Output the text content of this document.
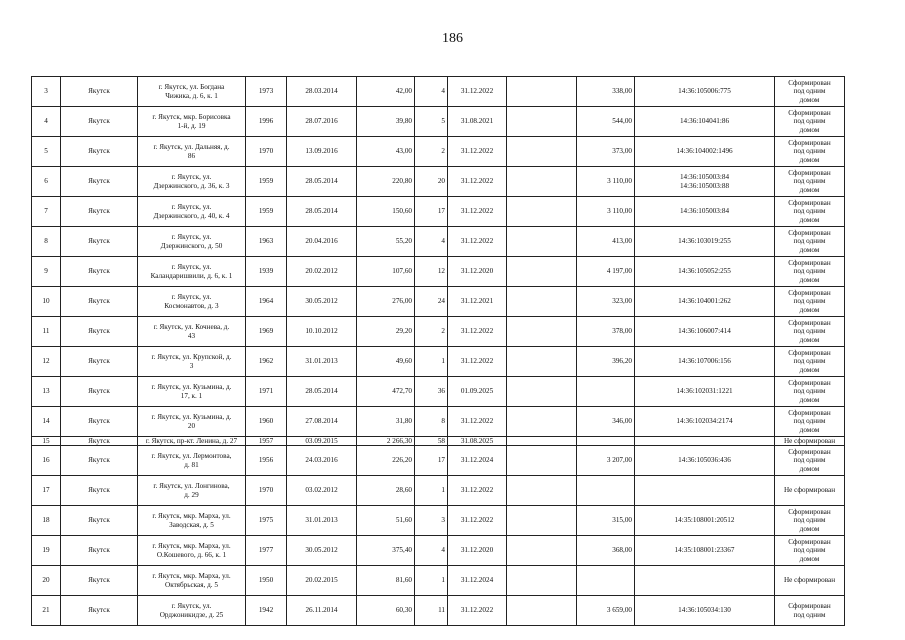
186
3	Якутск	г. Якутск, ул. Богдана
Чижика, д. 6, к. 1	1973	28.03.2014	42,00	4	31.12.2022		338,00	14:36:105006:775	Сформирован
под одним
домом
4	Якутск	г. Якутск, мкр. Борисовка
1-й, д. 19	1996	28.07.2016	39,80	5	31.08.2021		544,00	14:36:104041:86	Сформирован
под одним
домом
5	Якутск	г. Якутск, ул. Дальняя, д.
86	1970	13.09.2016	43,00	2	31.12.2022		373,00	14:36:104002:1496	Сформирован
под одним
домом
6	Якутск	г. Якутск, ул.
Дзержинского, д. 36, к. 3	1959	28.05.2014	220,80	20	31.12.2022		3 110,00	14:36:105003:84
14:36:105003:88	Сформирован
под одним
домом
7	Якутск	г. Якутск, ул.
Дзержинского, д. 40, к. 4	1959	28.05.2014	150,60	17	31.12.2022		3 110,00	14:36:105003:84	Сформирован
под одним
домом
8	Якутск	г. Якутск, ул.
Дзержинского, д. 50	1963	20.04.2016	55,20	4	31.12.2022		413,00	14:36:103019:255	Сформирован
под одним
домом
9	Якутск	г. Якутск, ул.
Каландаришвили, д. 6, к. 1	1939	20.02.2012	107,60	12	31.12.2020		4 197,00	14:36:105052:255	Сформирован
под одним
домом
10	Якутск	г. Якутск, ул.
Космонавтов, д. 3	1964	30.05.2012	276,00	24	31.12.2021		323,00	14:36:104001:262	Сформирован
под одним
домом
11	Якутск	г. Якутск, ул. Кочнева, д.
43	1969	10.10.2012	29,20	2	31.12.2022		378,00	14:36:106007:414	Сформирован
под одним
домом
12	Якутск	г. Якутск, ул. Крупской, д.
3	1962	31.01.2013	49,60	1	31.12.2022		396,20	14:36:107006:156	Сформирован
под одним
домом
13	Якутск	г. Якутск, ул. Кузьмина, д.
17, к. 1	1971	28.05.2014	472,70	36	01.09.2025			14:36:102031:1221	Сформирован
под одним
домом
14	Якутск	г. Якутск, ул. Кузьмина, д.
20	1960	27.08.2014	31,80	8	31.12.2022		346,00	14:36:102034:2174	Сформирован
под одним
домом
15	Якутск	г. Якутск, пр-кт. Ленина, д. 27	1957	03.09.2015	2 266,30	58	31.08.2025				Не сформирован
16	Якутск	г. Якутск, ул. Лермонтова,
д. 81	1956	24.03.2016	226,20	17	31.12.2024		3 207,00	14:36:105036:436	Сформирован
под одним
домом
17	Якутск	г. Якутск, ул. Лонгинова,
д. 29	1970	03.02.2012	28,60	1	31.12.2022				Не сформирован
18	Якутск	г. Якутск, мкр. Марха, ул.
Заводская, д. 5	1975	31.01.2013	51,60	3	31.12.2022		315,00	14:35:108001:20512	Сформирован
под одним
домом
19	Якутск	г. Якутск, мкр. Марха, ул.
О.Кошевого, д. 66, к. 1	1977	30.05.2012	375,40	4	31.12.2020		368,00	14:35:108001:23367	Сформирован
под одним
домом
20	Якутск	г. Якутск, мкр. Марха, ул.
Октябрьская, д. 5	1950	20.02.2015	81,60	1	31.12.2024				Не сформирован
21	Якутск	г. Якутск, ул.
Орджоникидзе, д. 25	1942	26.11.2014	60,30	11	31.12.2022		3 659,00	14:36:105034:130	Сформирован
под одним
